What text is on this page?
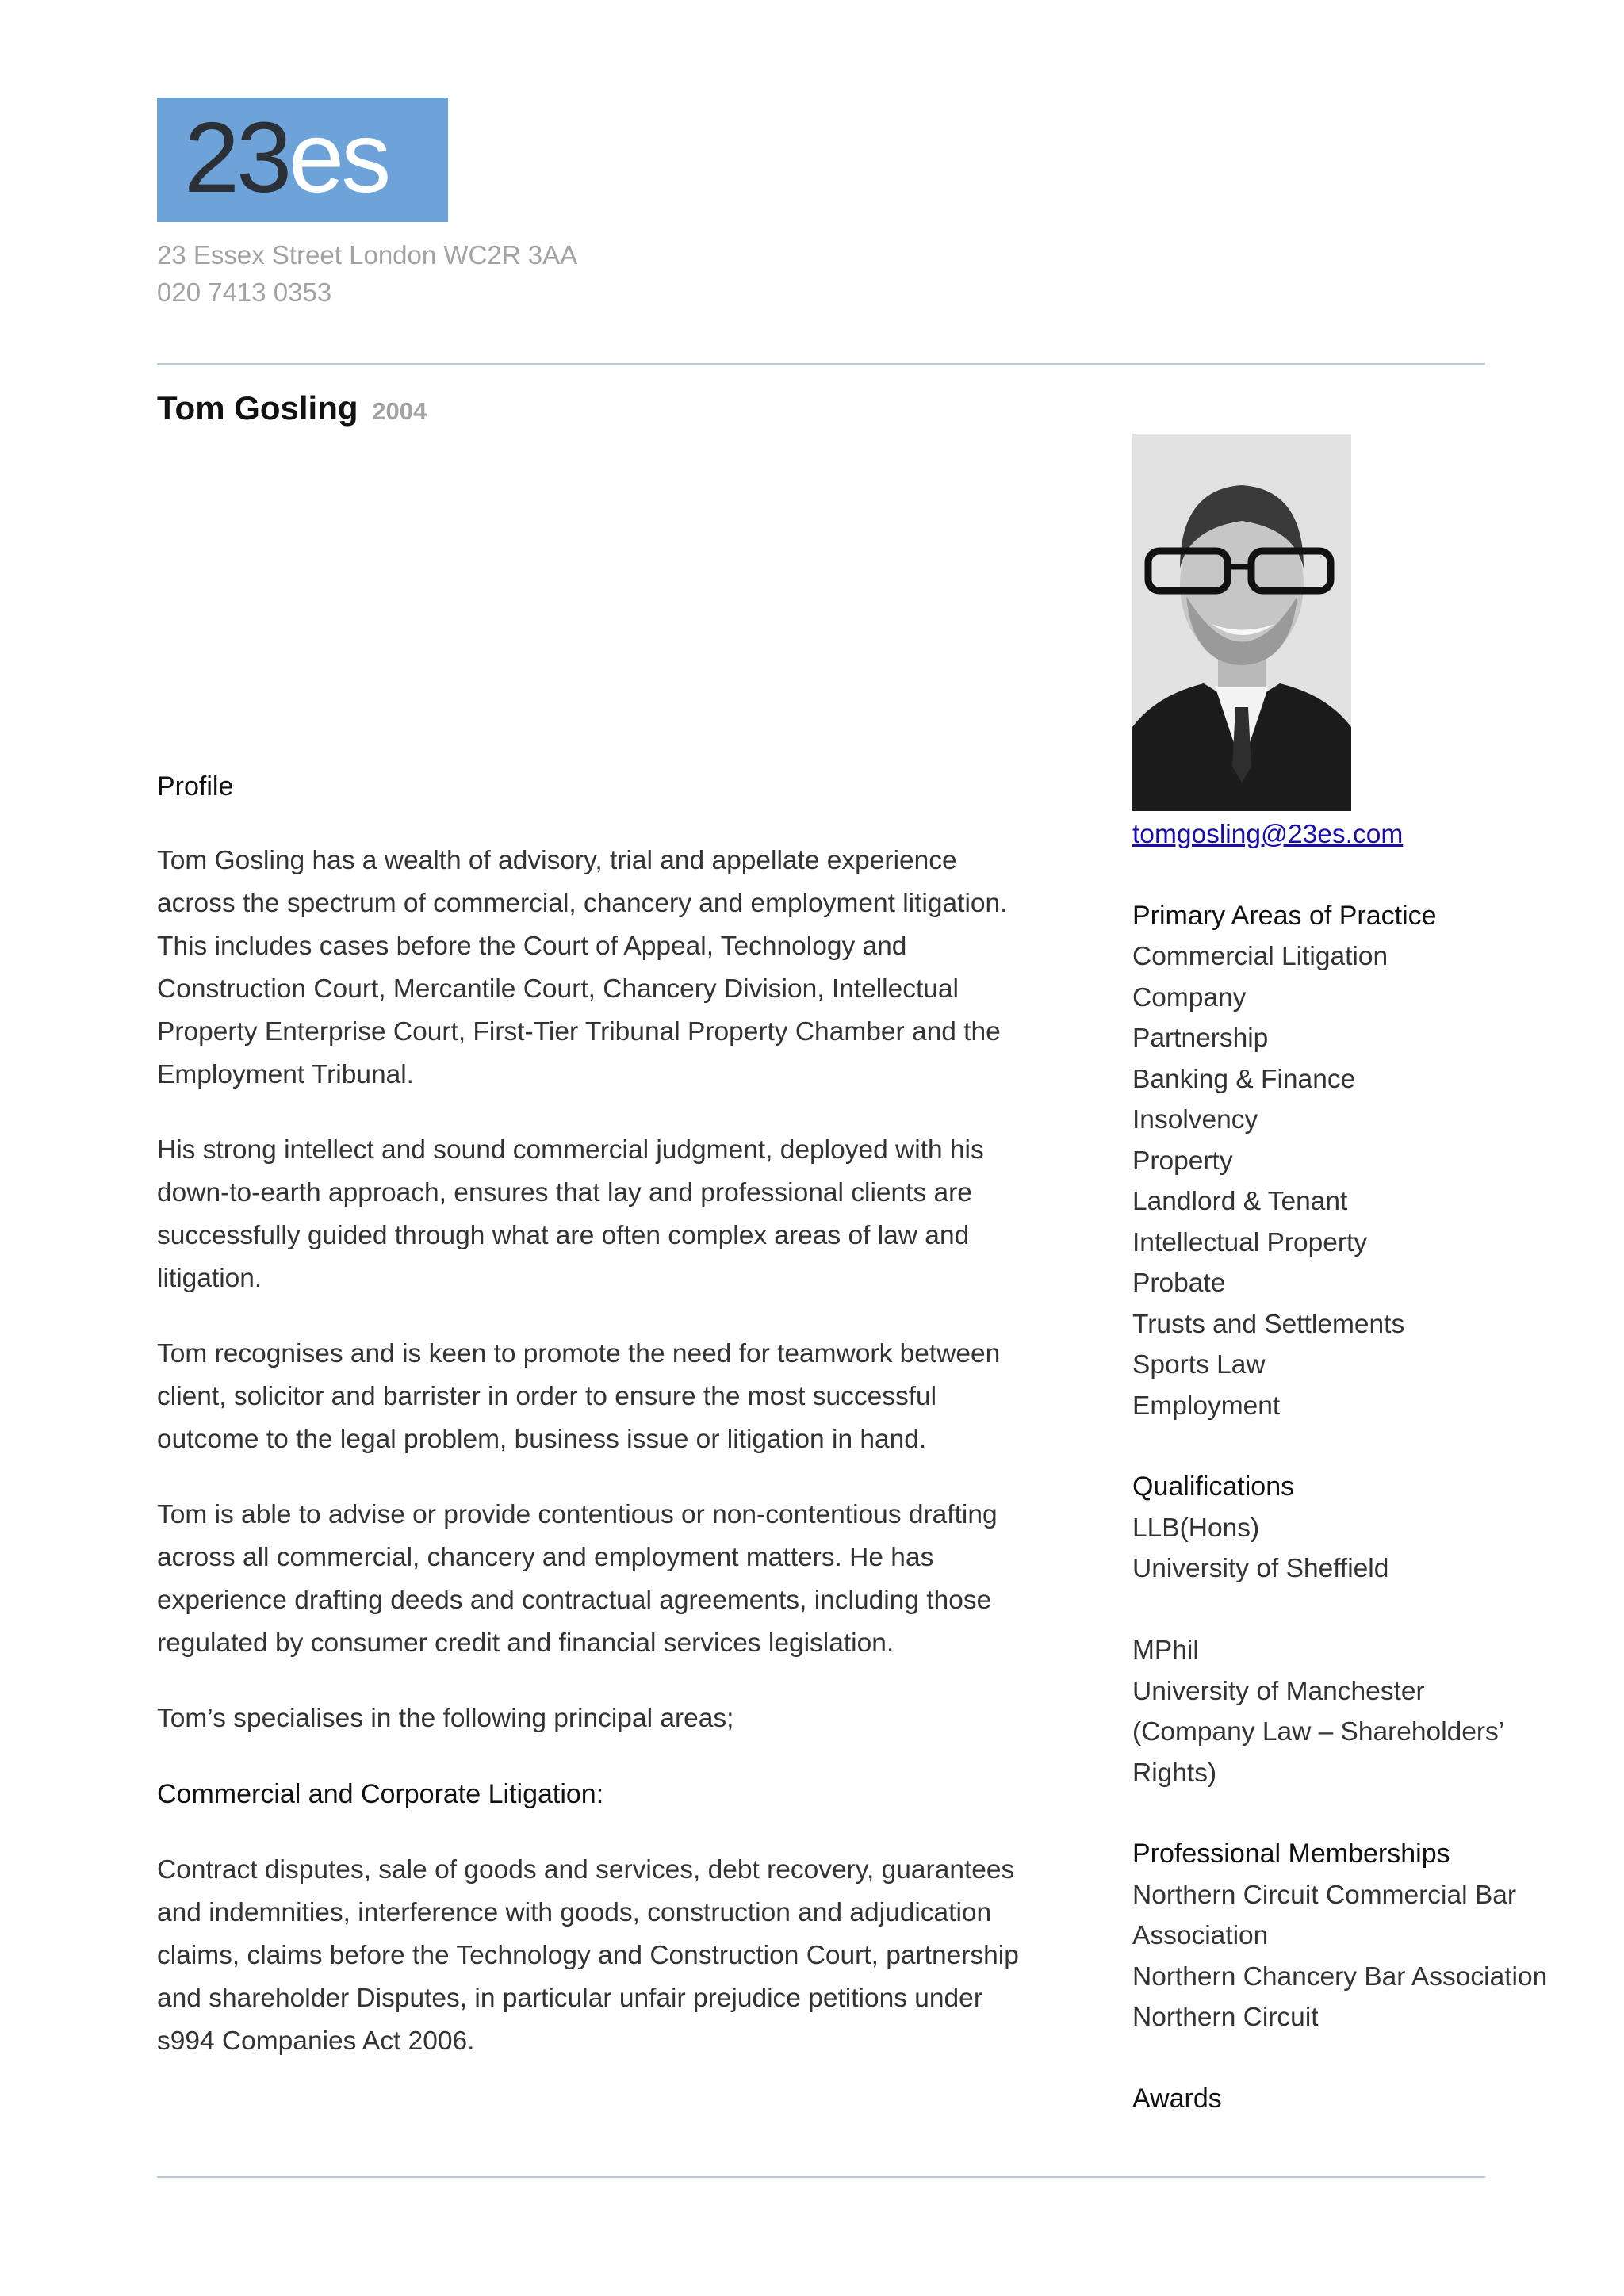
23es
23 Essex Street London WC2R 3AA
020 7413 0353
Tom Gosling 2004
Profile

Tom Gosling has a wealth of advisory, trial and appellate experience across the spectrum of commercial, chancery and employment litigation. This includes cases before the Court of Appeal, Technology and Construction Court, Mercantile Court, Chancery Division, Intellectual Property Enterprise Court, First-Tier Tribunal Property Chamber and the Employment Tribunal.

His strong intellect and sound commercial judgment, deployed with his down-to-earth approach, ensures that lay and professional clients are successfully guided through what are often complex areas of law and litigation.

Tom recognises and is keen to promote the need for teamwork between client, solicitor and barrister in order to ensure the most successful outcome to the legal problem, business issue or litigation in hand.

Tom is able to advise or provide contentious or non-contentious drafting across all commercial, chancery and employment matters. He has experience drafting deeds and contractual agreements, including those regulated by consumer credit and financial services legislation.

Tom’s specialises in the following principal areas;

Commercial and Corporate Litigation:

Contract disputes, sale of goods and services, debt recovery, guarantees and indemnities, interference with goods, construction and adjudication claims, claims before the Technology and Construction Court, partnership and shareholder Disputes, in particular unfair prejudice petitions under s994 Companies Act 2006.

tomgosling@23es.com
Primary Areas of Practice
Commercial Litigation
Company
Partnership
Banking & Finance
Insolvency
Property
Landlord & Tenant
Intellectual Property
Probate
Trusts and Settlements
Sports Law
Employment
Qualifications
LLB(Hons)
University of Sheffield
MPhil
University of Manchester
(Company Law – Shareholders’
Rights)
Professional Memberships
Northern Circuit Commercial Bar
Association
Northern Chancery Bar Association
Northern Circuit
Awards
